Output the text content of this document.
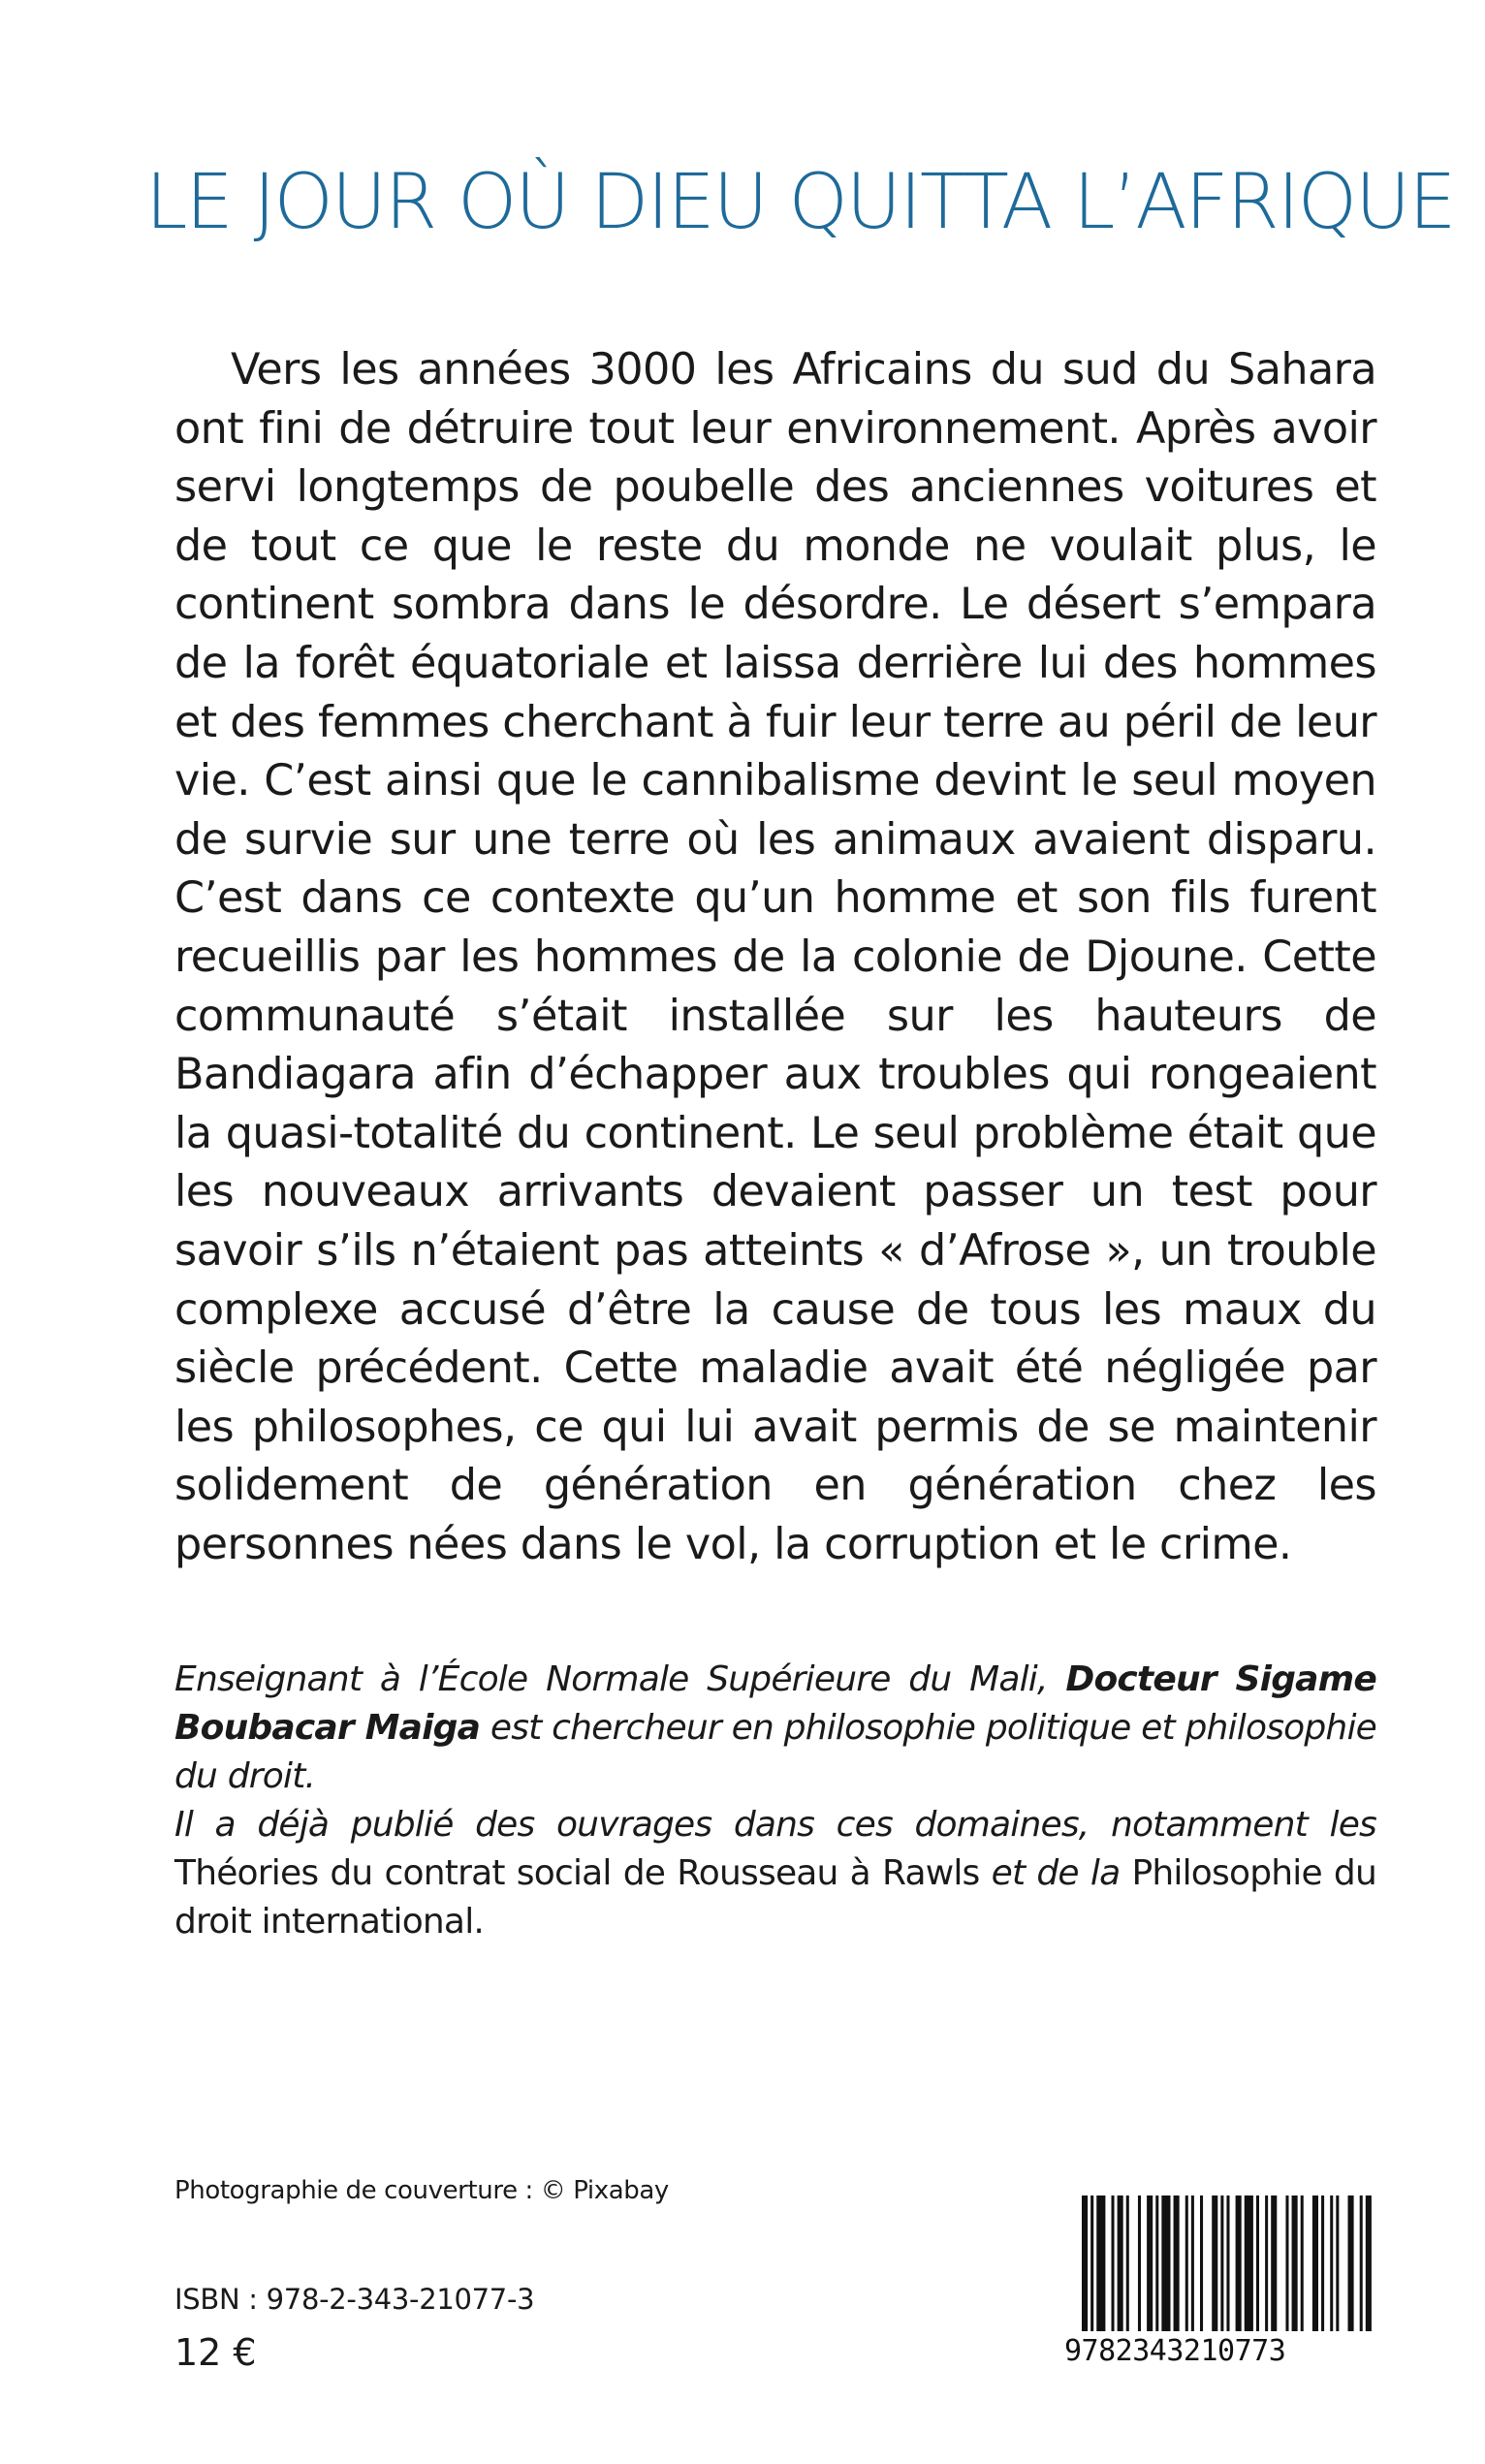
LE JOUR OÙ DIEU QUITTA L’AFRIQUE

Vers les années 3000 les Africains du sud du Sahara ont fini de détruire tout leur environnement. Après avoir servi longtemps de poubelle des anciennes voitures et de tout ce que le reste du monde ne voulait plus, le continent sombra dans le désordre. Le désert s’empara de la forêt équatoriale et laissa derrière lui des hommes et des femmes cherchant à fuir leur terre au péril de leur vie. C’est ainsi que le cannibalisme devint le seul moyen de survie sur une terre où les animaux avaient disparu. C’est dans ce contexte qu’un homme et son fils furent recueillis par les hommes de la colonie de Djoune. Cette communauté s’était installée sur les hauteurs de Bandiagara afin d’échapper aux troubles qui rongeaient la quasi-totalité du continent. Le seul problème était que les nouveaux arrivants devaient passer un test pour savoir s’ils n’étaient pas atteints « d’Afrose », un trouble complexe accusé d’être la cause de tous les maux du siècle précédent. Cette maladie avait été négligée par les philosophes, ce qui lui avait permis de se maintenir solidement de génération en génération chez les personnes nées dans le vol, la corruption et le crime.

Enseignant à l’École Normale Supérieure du Mali, Docteur Sigame Boubacar Maiga est chercheur en philosophie politique et philosophie du droit.

Il a déjà publié des ouvrages dans ces domaines, notamment les Théories du contrat social de Rousseau à Rawls et de la Philosophie du droit international.

Photographie de couverture : © Pixabay
ISBN : 978-2-343-21077-3
12 €	9782343210773
